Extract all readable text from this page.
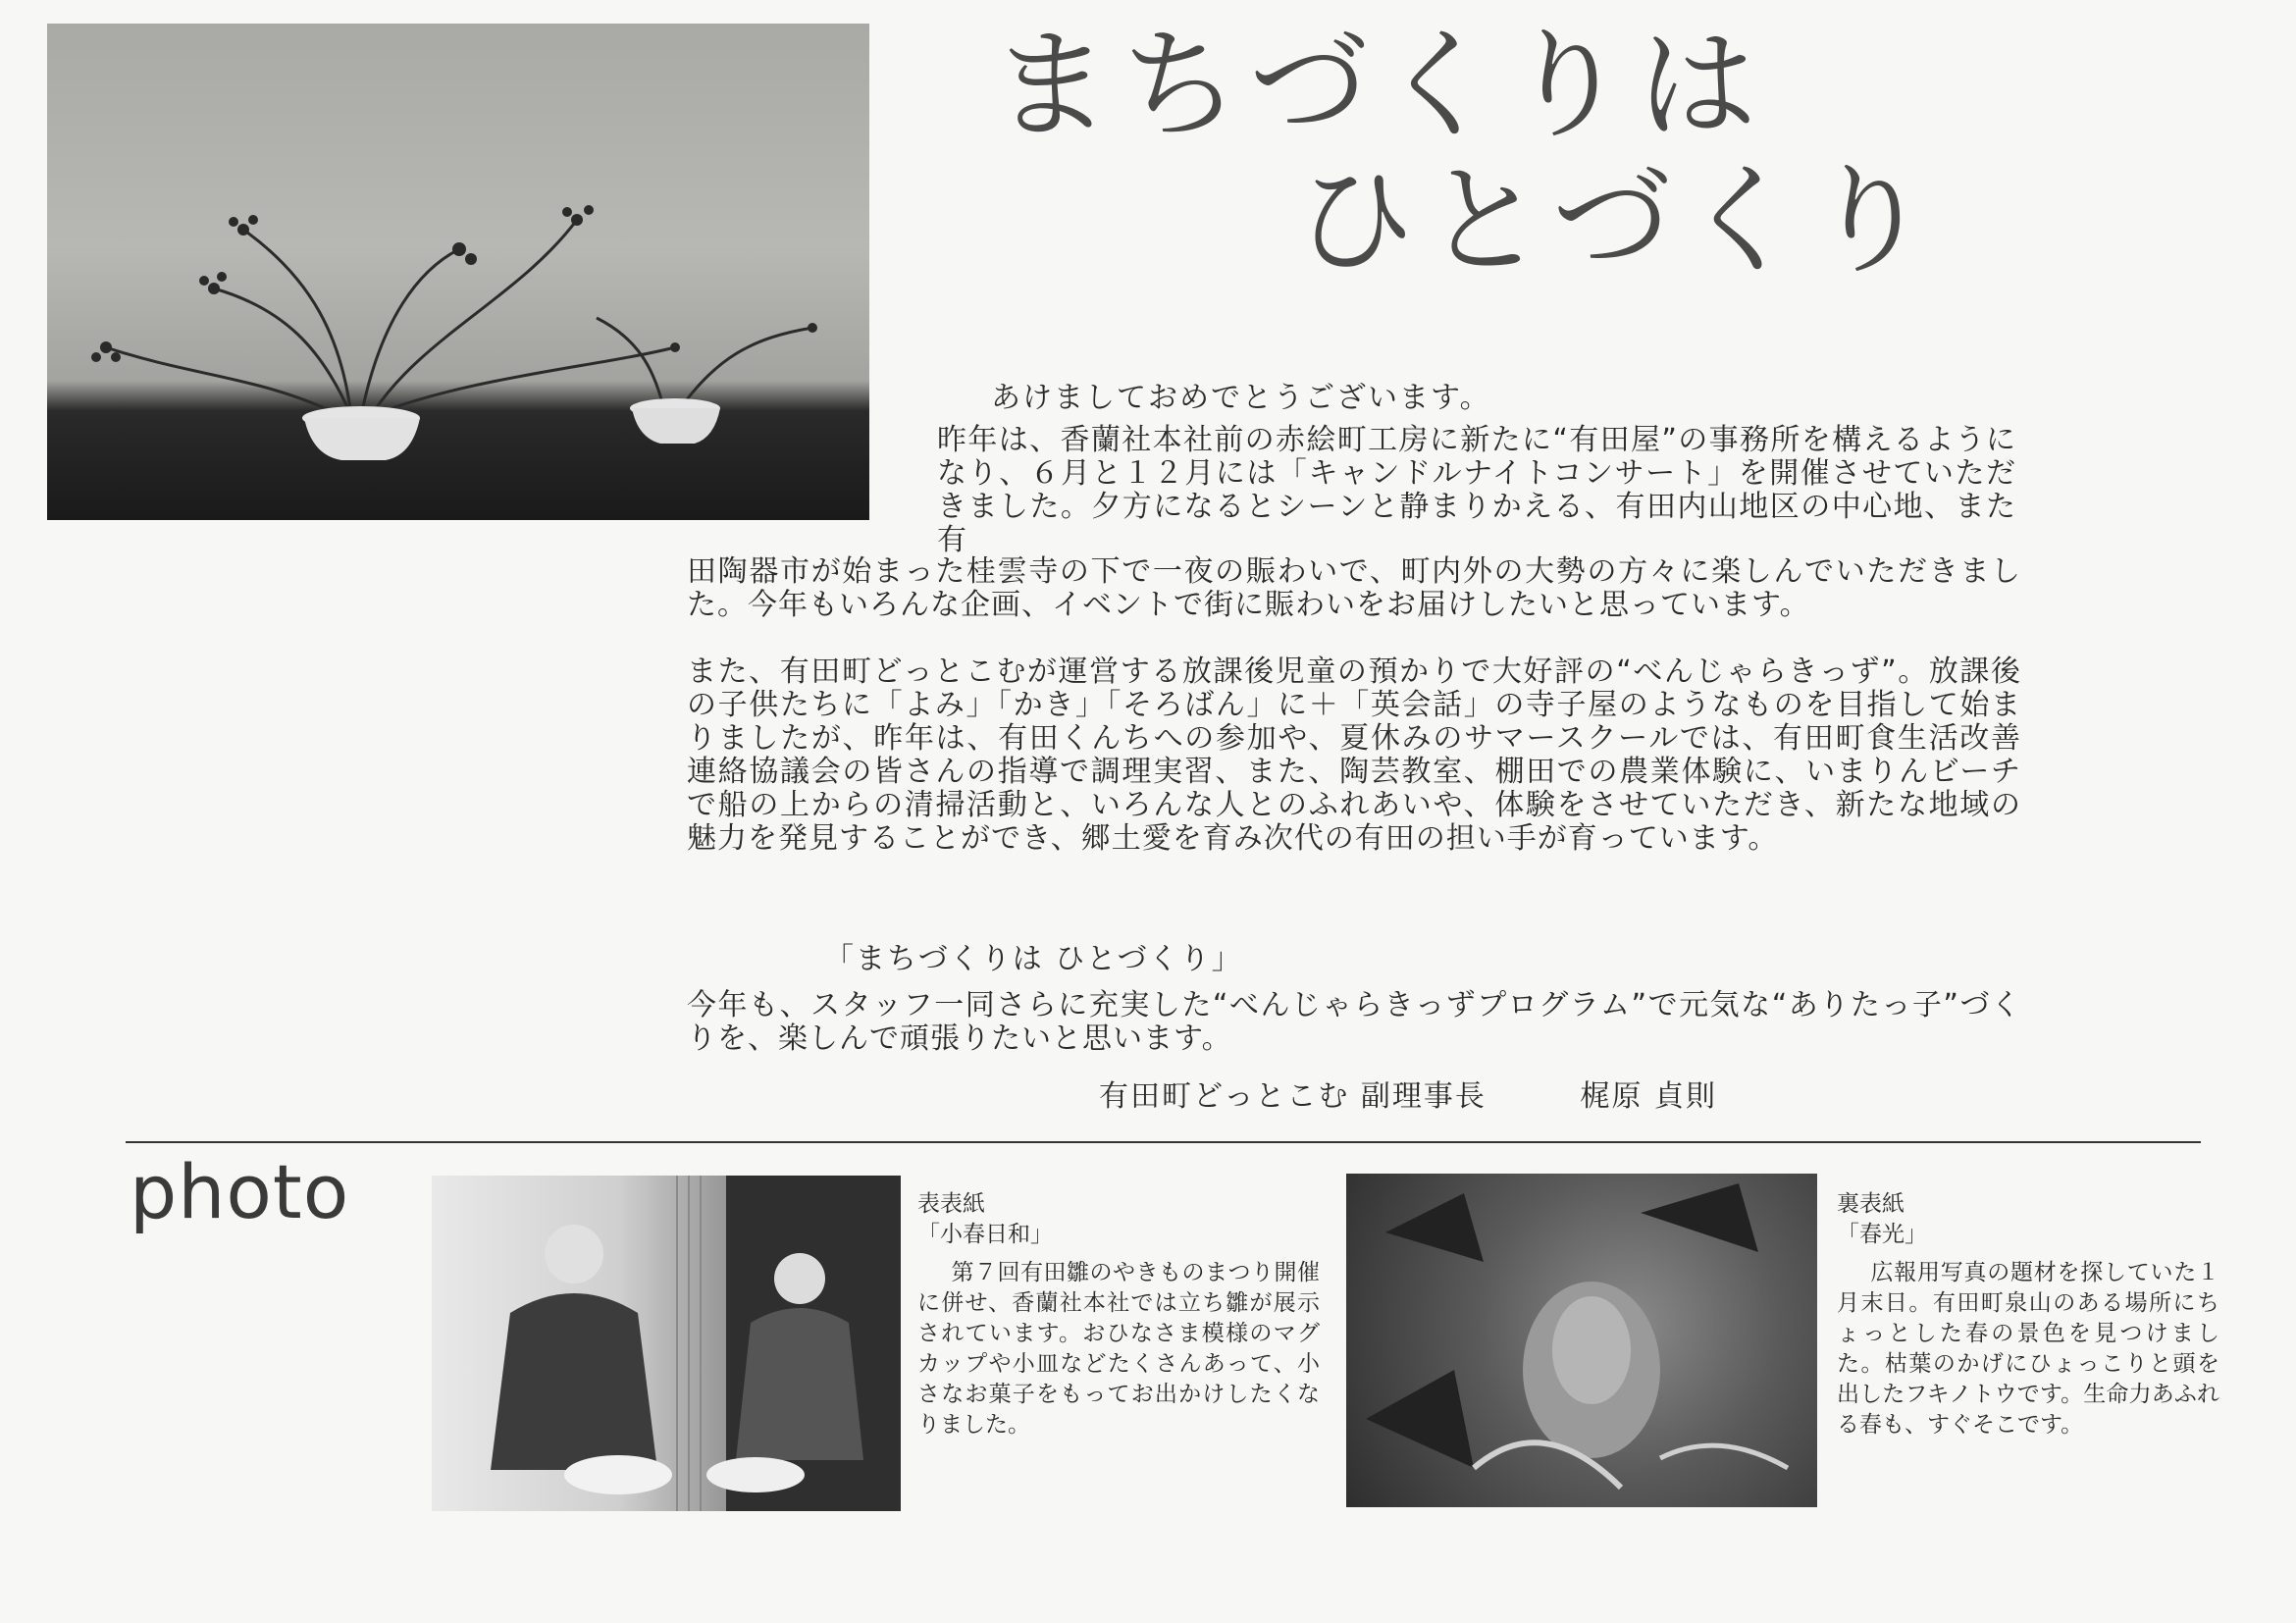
まちづくりは
ひとづくり
あけましておめでとうございます。
昨年は、香蘭社本社前の赤絵町工房に新たに“有田屋”の事務所を構えるようになり、６月と１２月には「キャンドルナイトコンサート」を開催させていただきました。夕方になるとシーンと静まりかえる、有田内山地区の中心地、また有
田陶器市が始まった桂雲寺の下で一夜の賑わいで、町内外の大勢の方々に楽しんでいただきました。今年もいろんな企画、イベントで街に賑わいをお届けしたいと思っています。
また、有田町どっとこむが運営する放課後児童の預かりで大好評の“べんじゃらきっず”。放課後の子供たちに「よみ」「かき」「そろばん」に＋「英会話」の寺子屋のようなものを目指して始まりましたが、昨年は、有田くんちへの参加や、夏休みのサマースクールでは、有田町食生活改善連絡協議会の皆さんの指導で調理実習、また、陶芸教室、棚田での農業体験に、いまりんビーチで船の上からの清掃活動と、いろんな人とのふれあいや、体験をさせていただき、新たな地域の魅力を発見することができ、郷土愛を育み次代の有田の担い手が育っています。
「まちづくりは ひとづくり」
今年も、スタッフ一同さらに充実した“べんじゃらきっずプログラム”で元気な“ありたっ子”づくりを、楽しんで頑張りたいと思います。
有田町どっとこむ 副理事長	梶原 貞則
photo	表表紙
「小春日和」
第７回有田雛のやきものまつり開催に併せ、香蘭社本社では立ち雛が展示されています。おひなさま模様のマグカップや小皿などたくさんあって、小さなお菓子をもってお出かけしたくなりました。
裏表紙
「春光」
広報用写真の題材を探していた１月末日。有田町泉山のある場所にちょっとした春の景色を見つけました。枯葉のかげにひょっこりと頭を出したフキノトウです。生命力あふれる春も、すぐそこです。
